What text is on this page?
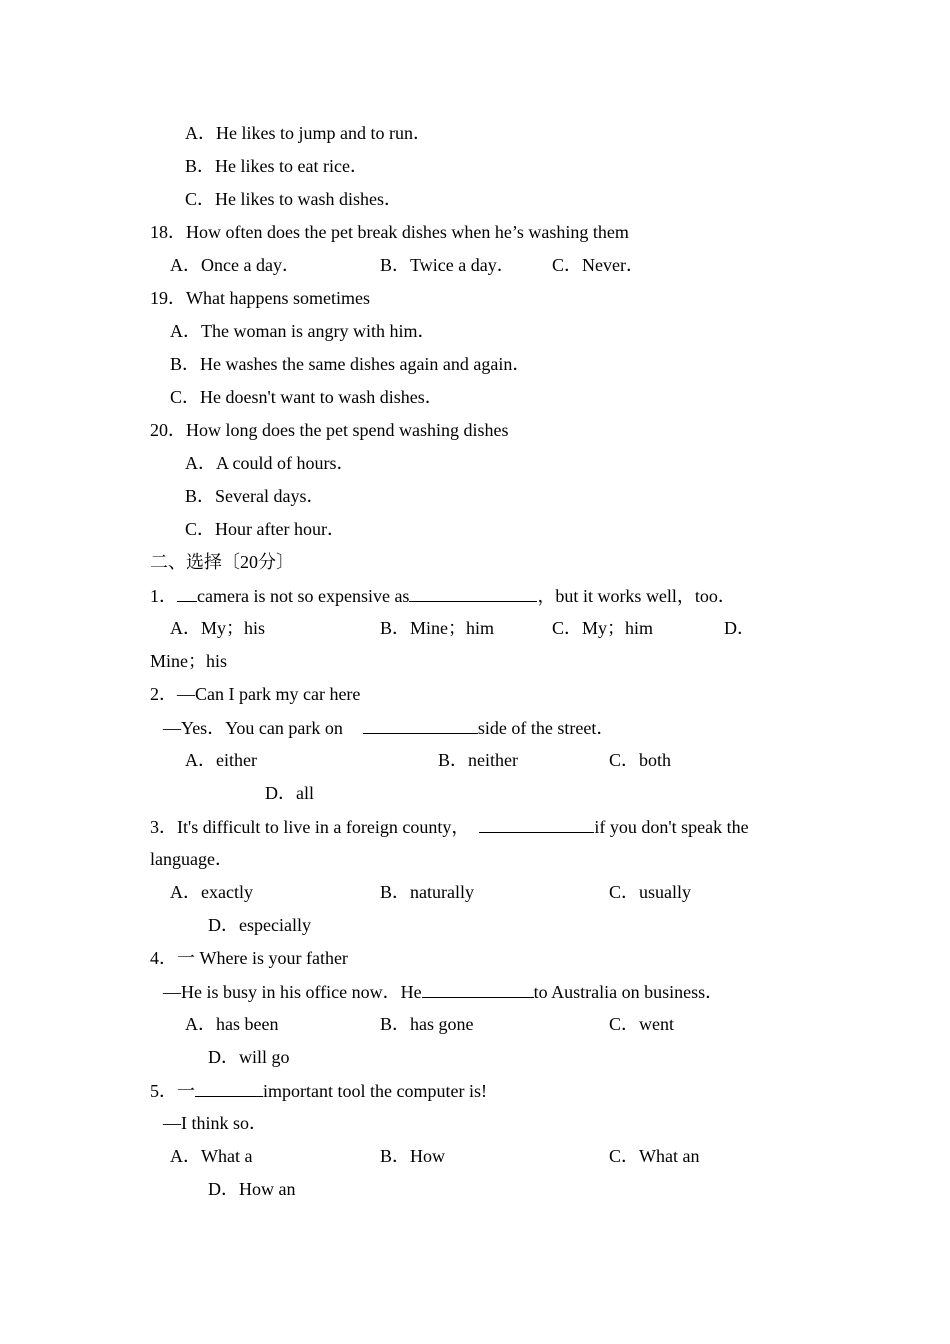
A．He likes to jump and to run．
B．He likes to eat rice．
C．He likes to wash dishes．
18．How often does the pet break dishes when he’s washing them
A．Once a day．	B．Twice a day． C．Never．
19．What happens sometimes
A．The woman is angry with him．
B．He washes the same dishes again and again．
C．He doesn't want to wash dishes．
20．How long does the pet spend washing dishes
A．A could of hours．
B．Several days．
C．Hour after hour．
二、选择〔20分〕
1． camera is not so expensive as	，but it works well，too．
A．My；his	B．Mine；him	C．My；him	D．
Mine；his
2．—Can I park my car here
—Yes．You can park on	side of the street．
A．either	B．neither	C．both
D．all
3．It's difficult to live in a foreign county，	if you don't speak the
language．
A．exactly	B．naturally	C．usually
D．especially
4．一 Where is your father
—He is busy in his office now．He	to Australia on business．
A．has been	B．has gone	C．went
D．will go
5．一	important tool the computer is!
—I think so．
A．What a	B．How	C．What an
D．How an
